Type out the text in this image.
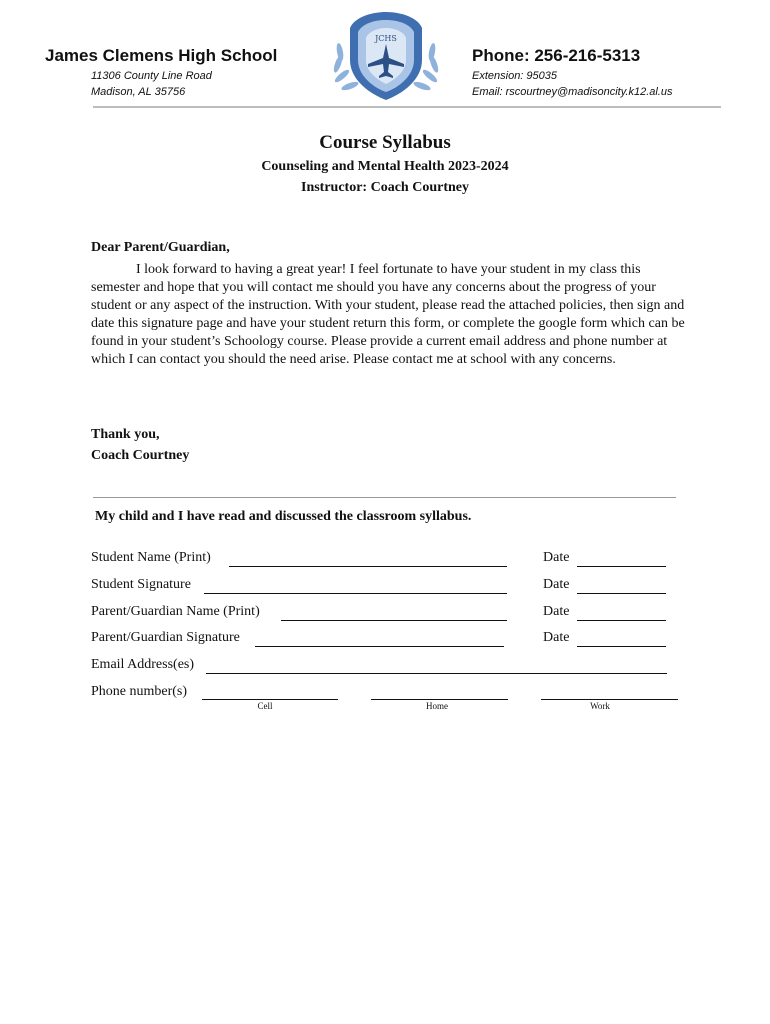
James Clemens High School
11306 County Line Road
Madison, AL 35756
JCHS
Phone: 256-216-5313
Extension: 95035
Email: rscourtney@madisoncity.k12.al.us
Course Syllabus
Counseling and Mental Health 2023-2024
Instructor: Coach Courtney
Dear Parent/Guardian,
I look forward to having a great year! I feel fortunate to have your student in my class this semester and hope that you will contact me should you have any concerns about the progress of your student or any aspect of the instruction. With your student, please read the attached policies, then sign and date this signature page and have your student return this form, or complete the google form which can be found in your student’s Schoology course. Please provide a current email address and phone number at which I can contact you should the need arise. Please contact me at school with any concerns.
Thank you,
Coach Courtney
My child and I have read and discussed the classroom syllabus.
Student Name (Print)	Date
Student Signature	Date
Parent/Guardian Name (Print)	Date
Parent/Guardian Signature	Date
Email Address(es)
Phone number(s)
Cell	Home	Work
